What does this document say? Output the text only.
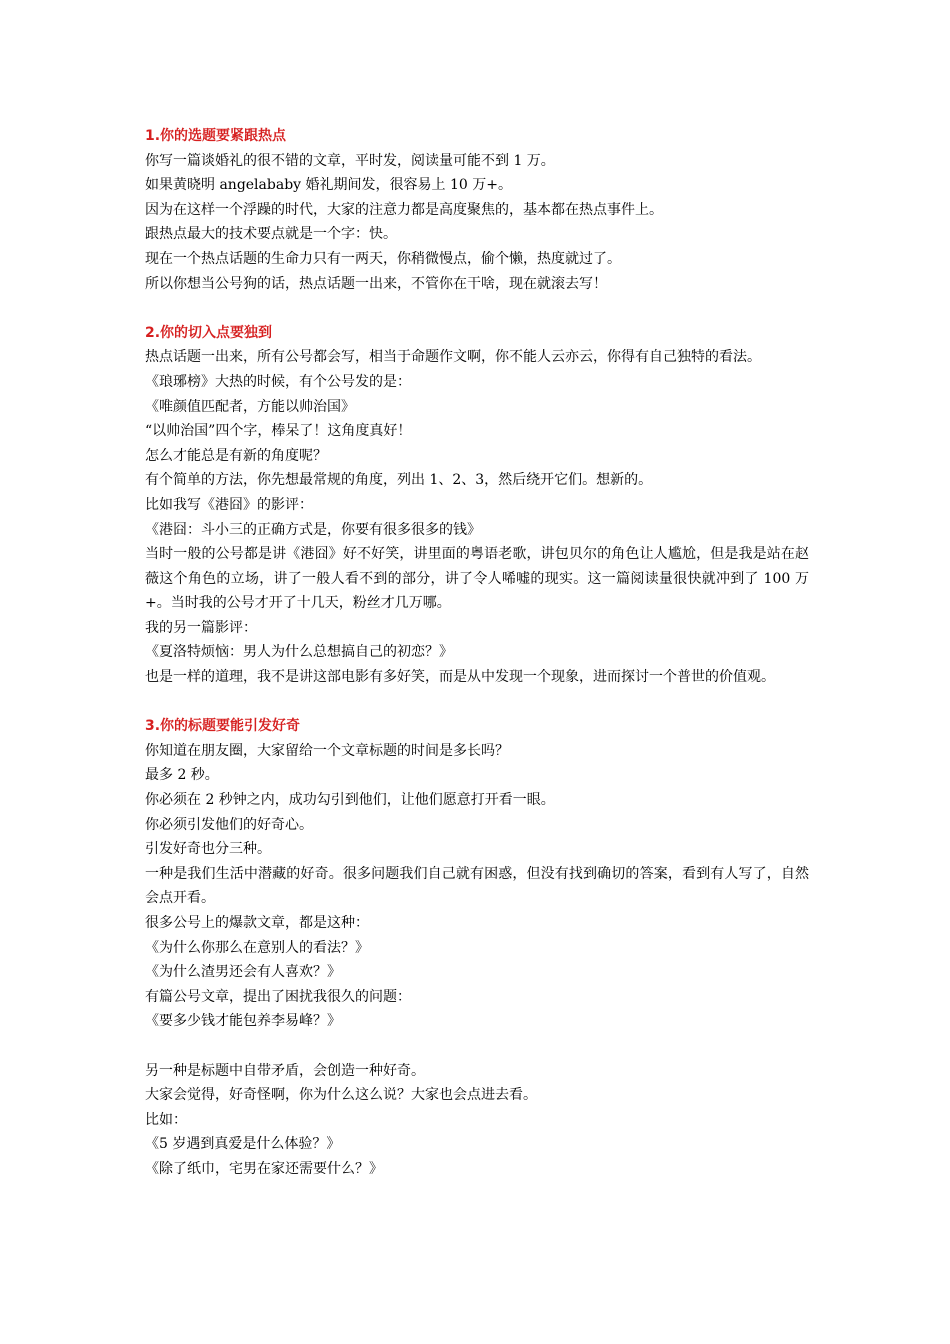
1.你的选题要紧跟热点

你写一篇谈婚礼的很不错的文章，平时发，阅读量可能不到 1 万。

如果黄晓明 angelababy 婚礼期间发，很容易上 10 万+。

因为在这样一个浮躁的时代，大家的注意力都是高度聚焦的，基本都在热点事件上。

跟热点最大的技术要点就是一个字：快。

现在一个热点话题的生命力只有一两天，你稍微慢点，偷个懒，热度就过了。

所以你想当公号狗的话，热点话题一出来，不管你在干啥，现在就滚去写！

2.你的切入点要独到

热点话题一出来，所有公号都会写，相当于命题作文啊，你不能人云亦云，你得有自己独特的看法。

《琅琊榜》大热的时候，有个公号发的是：

《唯颜值匹配者，方能以帅治国》

“以帅治国”四个字，棒呆了！这角度真好！

怎么才能总是有新的角度呢？

有个简单的方法，你先想最常规的角度，列出 1、2、3，然后绕开它们。想新的。

比如我写《港囧》的影评：

《港囧：斗小三的正确方式是，你要有很多很多的钱》

当时一般的公号都是讲《港囧》好不好笑，讲里面的粤语老歌，讲包贝尔的角色让人尴尬，但是我是站在赵薇这个角色的立场，讲了一般人看不到的部分，讲了令人唏嘘的现实。这一篇阅读量很快就冲到了 100 万+。当时我的公号才开了十几天，粉丝才几万哪。

我的另一篇影评：

《夏洛特烦恼：男人为什么总想搞自己的初恋？》

也是一样的道理，我不是讲这部电影有多好笑，而是从中发现一个现象，进而探讨一个普世的价值观。

3.你的标题要能引发好奇

你知道在朋友圈，大家留给一个文章标题的时间是多长吗？

最多 2 秒。

你必须在 2 秒钟之内，成功勾引到他们，让他们愿意打开看一眼。

你必须引发他们的好奇心。

引发好奇也分三种。

一种是我们生活中潜藏的好奇。很多问题我们自己就有困惑，但没有找到确切的答案，看到有人写了，自然会点开看。

很多公号上的爆款文章，都是这种：

《为什么你那么在意别人的看法？》

《为什么渣男还会有人喜欢？》

有篇公号文章，提出了困扰我很久的问题：

《要多少钱才能包养李易峰？》

另一种是标题中自带矛盾，会创造一种好奇。

大家会觉得，好奇怪啊，你为什么这么说？大家也会点进去看。

比如：

《5 岁遇到真爱是什么体验？》

《除了纸巾，宅男在家还需要什么？》
